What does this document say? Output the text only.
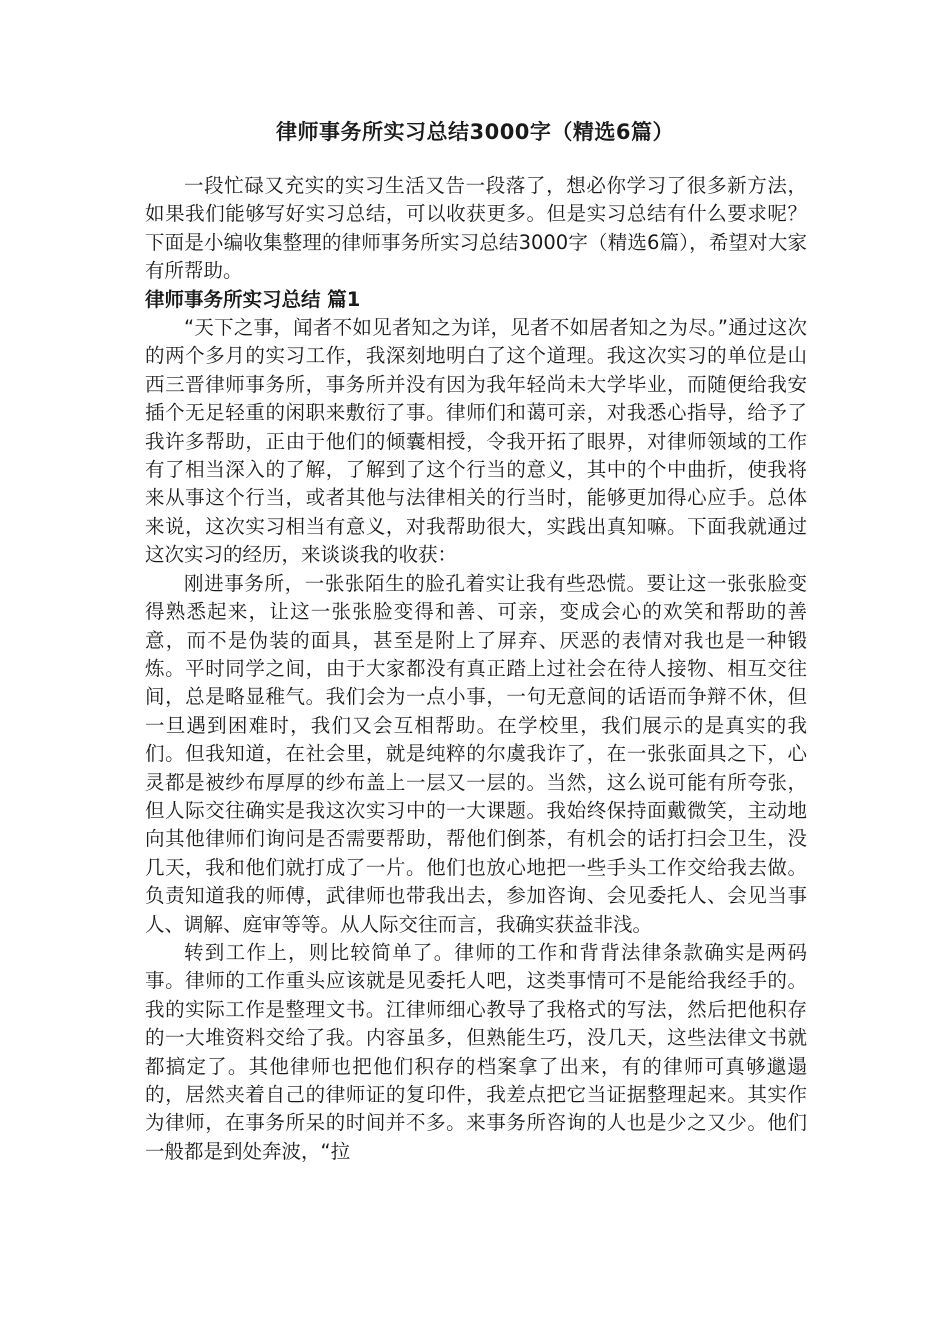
律师事务所实习总结3000字（精选6篇）

一段忙碌又充实的实习生活又告一段落了，想必你学习了很多新方法，如果我们能够写好实习总结，可以收获更多。但是实习总结有什么要求呢？下面是小编收集整理的律师事务所实习总结3000字（精选6篇），希望对大家有所帮助。

律师事务所实习总结 篇1

“天下之事，闻者不如见者知之为详，见者不如居者知之为尽。”通过这次的两个多月的实习工作，我深刻地明白了这个道理。我这次实习的单位是山西三晋律师事务所，事务所并没有因为我年轻尚未大学毕业，而随便给我安插个无足轻重的闲职来敷衍了事。律师们和蔼可亲，对我悉心指导，给予了我许多帮助，正由于他们的倾囊相授，令我开拓了眼界，对律师领域的工作有了相当深入的了解，了解到了这个行当的意义，其中的个中曲折，使我将来从事这个行当，或者其他与法律相关的行当时，能够更加得心应手。总体来说，这次实习相当有意义，对我帮助很大，实践出真知嘛。下面我就通过这次实习的经历，来谈谈我的收获：

刚进事务所，一张张陌生的脸孔着实让我有些恐慌。要让这一张张脸变得熟悉起来，让这一张张脸变得和善、可亲，变成会心的欢笑和帮助的善意，而不是伪装的面具，甚至是附上了屏弃、厌恶的表情对我也是一种锻炼。平时同学之间，由于大家都没有真正踏上过社会在待人接物、相互交往间，总是略显稚气。我们会为一点小事，一句无意间的话语而争辩不休，但一旦遇到困难时，我们又会互相帮助。在学校里，我们展示的是真实的我们。但我知道，在社会里，就是纯粹的尔虞我诈了，在一张张面具之下，心灵都是被纱布厚厚的纱布盖上一层又一层的。当然，这么说可能有所夸张，但人际交往确实是我这次实习中的一大课题。我始终保持面戴微笑，主动地向其他律师们询问是否需要帮助，帮他们倒茶，有机会的话打扫会卫生，没几天，我和他们就打成了一片。他们也放心地把一些手头工作交给我去做。负责知道我的师傅，武律师也带我出去，参加咨询、会见委托人、会见当事人、调解、庭审等等。从人际交往而言，我确实获益非浅。

转到工作上，则比较简单了。律师的工作和背背法律条款确实是两码事。律师的工作重头应该就是见委托人吧，这类事情可不是能给我经手的。我的实际工作是整理文书。江律师细心教导了我格式的写法，然后把他积存的一大堆资料交给了我。内容虽多，但熟能生巧，没几天，这些法律文书就都搞定了。其他律师也把他们积存的档案拿了出来，有的律师可真够邋遢的，居然夹着自己的律师证的复印件，我差点把它当证据整理起来。其实作为律师，在事务所呆的时间并不多。来事务所咨询的人也是少之又少。他们一般都是到处奔波，“拉
